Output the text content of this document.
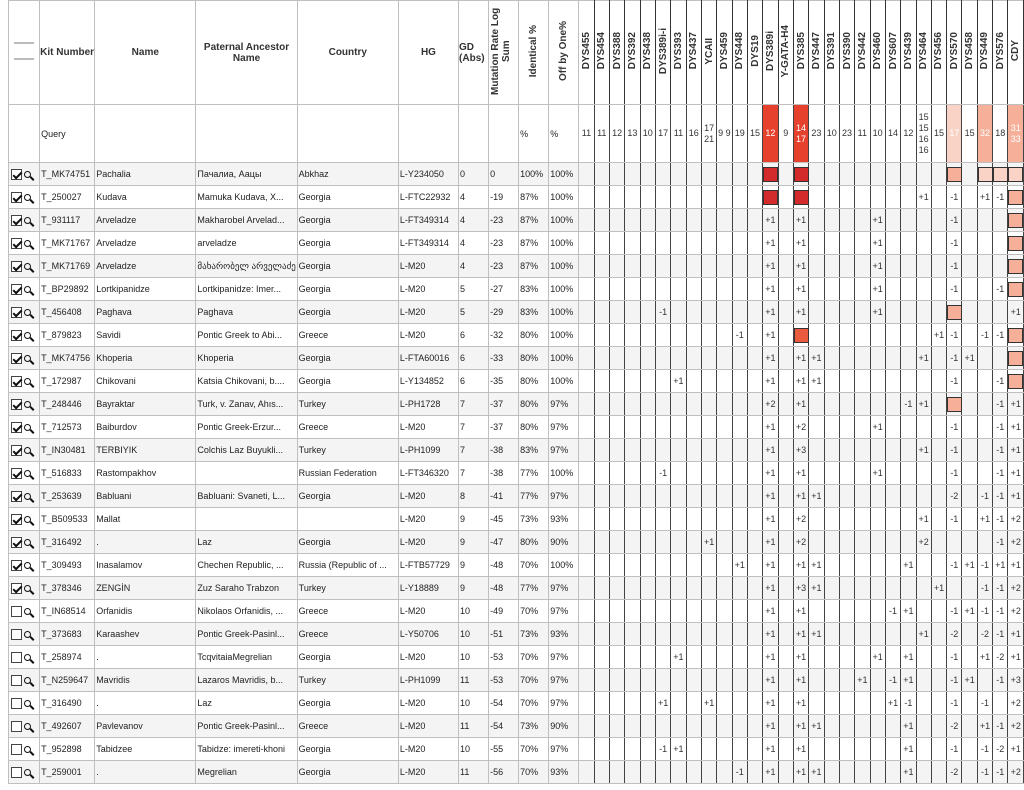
	Kit Number	Name	Paternal Ancestor Name	Country	HG	GD (Abs)	Mutation Rate Log Sum	Identical %	Off by One%	DYS455	DYS454	DYS388	DYS392	DYS438	DYS389i-i	DYS393	DYS437	YCAII	DYS459	DYS448	DYS19	DYS389i	Y-GATA-H4	DYS385	DYS447	DYS391	DYS390	DYS442	DYS460	DYS607	DYS439	DYS464	DYS456	DYS570	DYS458	DYS449	DYS576	CDY
	Query							%	%	11	11	12	13	10	17	11	16	17 21	9 9	19	15	12	9	14 17	23	10	23	11	10	14	12	15 15 16 16	15	17	15	32	18	31 33
	T_MK74751	Pachalia	Пачалиа, Аацы	Abkhaz	L-Y234050	0	0	100%	100%																													
	T_250027	Kudava	Mamuka Kudava, X...	Georgia	L-FTC22932	4	-19	87%	100%																							+1		-1		+1	-1	
	T_931117	Arveladze	Makharobel Arvelad...	Georgia	L-FT349314	4	-23	87%	100%													+1		+1					+1					-1				
	T_MK71767	Arveladze	arveladze	Georgia	L-FT349314	4	-23	87%	100%													+1		+1					+1					-1				
	T_MK71769	Arveladze	მახარობელ არველაძე	Georgia	L-M20	4	-23	87%	100%													+1		+1					+1					-1				
	T_BP29892	Lortkipanidze	Lortkipanidze: Imer...	Georgia	L-M20	5	-27	83%	100%													+1		+1					+1					-1			-1	
	T_456408	Paghava	Paghava	Georgia	L-M20	5	-29	83%	100%						-1							+1		+1					+1									+1
	T_879823	Savidi	Pontic Greek to Abi...	Greece	L-M20	6	-32	80%	100%											-1		+1											+1	-1		-1	-1	
	T_MK74756	Khoperia	Khoperia	Georgia	L-FTA60016	6	-33	80%	100%													+1		+1	+1							+1		-1	+1			
	T_172987	Chikovani	Katsia Chikovani, b....	Georgia	L-Y134852	6	-35	80%	100%							+1						+1		+1	+1									-1			-1	
	T_248446	Bayraktar	Turk, v. Zanav, Ahıs...	Turkey	L-PH1728	7	-37	80%	97%													+2		+1							-1	+1					-1	+1
	T_712573	Baiburdov	Pontic Greek-Erzur...	Greece	L-M20	7	-37	80%	97%													+1		+2					+1					-1			-1	+1
	T_IN30481	TERBIYIK	Colchis Laz Buyukli...	Turkey	L-PH1099	7	-38	83%	97%													+1		+3								+1		-1			-1	+1
	T_516833	Rastompakhov		Russian Federation	L-FT346320	7	-38	77%	100%						-1							+1		+1					+1					-1			-1	+1
	T_253639	Babluani	Babluani: Svaneti, L...	Georgia	L-M20	8	-41	77%	97%													+1		+1	+1									-2		-1	-1	+1
	T_B509533	Mallat			L-M20	9	-45	73%	93%													+1		+2								+1		-1		+1	-1	+2
	T_316492	.	Laz	Georgia	L-M20	9	-47	80%	90%									+1				+1		+2								+2					-1	+2
	T_309493	Inasalamov	Chechen Republic, ...	Russia (Republic of ...	L-FTB57729	9	-48	70%	100%											+1		+1		+1	+1						+1			-1	+1	-1	+1	+1
	T_378346	ZENGİN	Zuz Saraho Trabzon	Turkey	L-Y18889	9	-48	77%	97%													+1		+3	+1								+1			-1	-1	+2
	T_IN68514	Orfanidis	Nikolaos Orfanidis, ...	Greece	L-M20	10	-49	70%	97%													+1		+1						-1	+1			-1	+1	-1	-1	+2
	T_373683	Karaashev	Pontic Greek-Pasinl...	Greece	L-Y50706	10	-51	73%	93%													+1		+1	+1							+1		-2		-2	-1	+1
	T_258974	.	TcqvitaiaMegrelian	Georgia	L-M20	10	-53	70%	97%							+1						+1		+1					+1		+1			-1		+1	-2	+1
	T_N259647	Mavridis	Lazaros Mavridis, b...	Turkey	L-PH1099	11	-53	70%	97%													+1		+1				+1		-1	+1			-1	+1		-1	+3
	T_316490	.	Laz	Georgia	L-M20	10	-54	70%	97%						+1			+1				+1		+1						+1	-1			-1		-1		+2
	T_492607	Pavlevanov	Pontic Greek-Pasinl...	Greece	L-M20	11	-54	73%	90%													+1		+1	+1						+1			-2		+1	-1	+2
	T_952898	Tabidzee	Tabidze: imereti-khoni	Georgia	L-M20	10	-55	70%	97%						-1	+1						+1		+1							+1			-1		-1	-2	+1
	T_259001	.	Megrelian	Georgia	L-M20	11	-56	70%	93%											-1		+1		+1	+1						+1			-2		-1	-1	+2
